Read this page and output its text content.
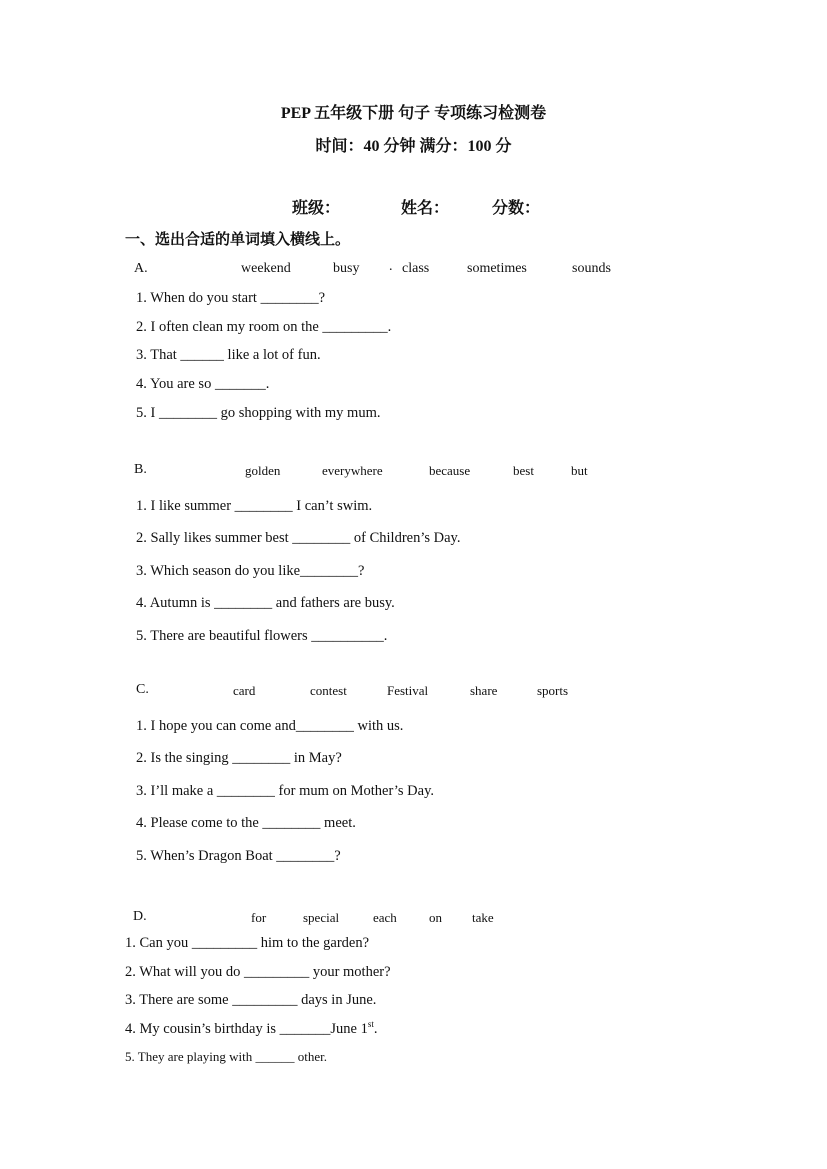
PEP 五年级下册 句子 专项练习检测卷
时间：40 分钟 满分：100 分
班级：	姓名：	分数：
一、选出合适的单词填入横线上。
A.	weekend	busy . class	sometimes	sounds
1. When do you start ________?
2. I often clean my room on the _________.
3. That ______ like a lot of fun.
4. You are so _______.
5. I ________ go shopping with my mum.
B.	golden	everywhere	because	best	but
1. I like summer ________ I can’t swim.
2. Sally likes summer best ________ of Children’s Day.
3. Which season do you like________?
4. Autumn is ________ and fathers are busy.
5. There are beautiful flowers __________.
C.	card	contest	Festival	share	sports
1. I hope you can come and________ with us.
2. Is the singing ________ in May?
3. I’ll make a ________ for mum on Mother’s Day.
4. Please come to the ________ meet.
5. When’s Dragon Boat ________?
D.	for	special	each on take
1. Can you _________ him to the garden?
2. What will you do _________ your mother?
3. There are some _________ days in June.
4. My cousin’s birthday is _______June 1st.
5. They are playing with ______ other.
